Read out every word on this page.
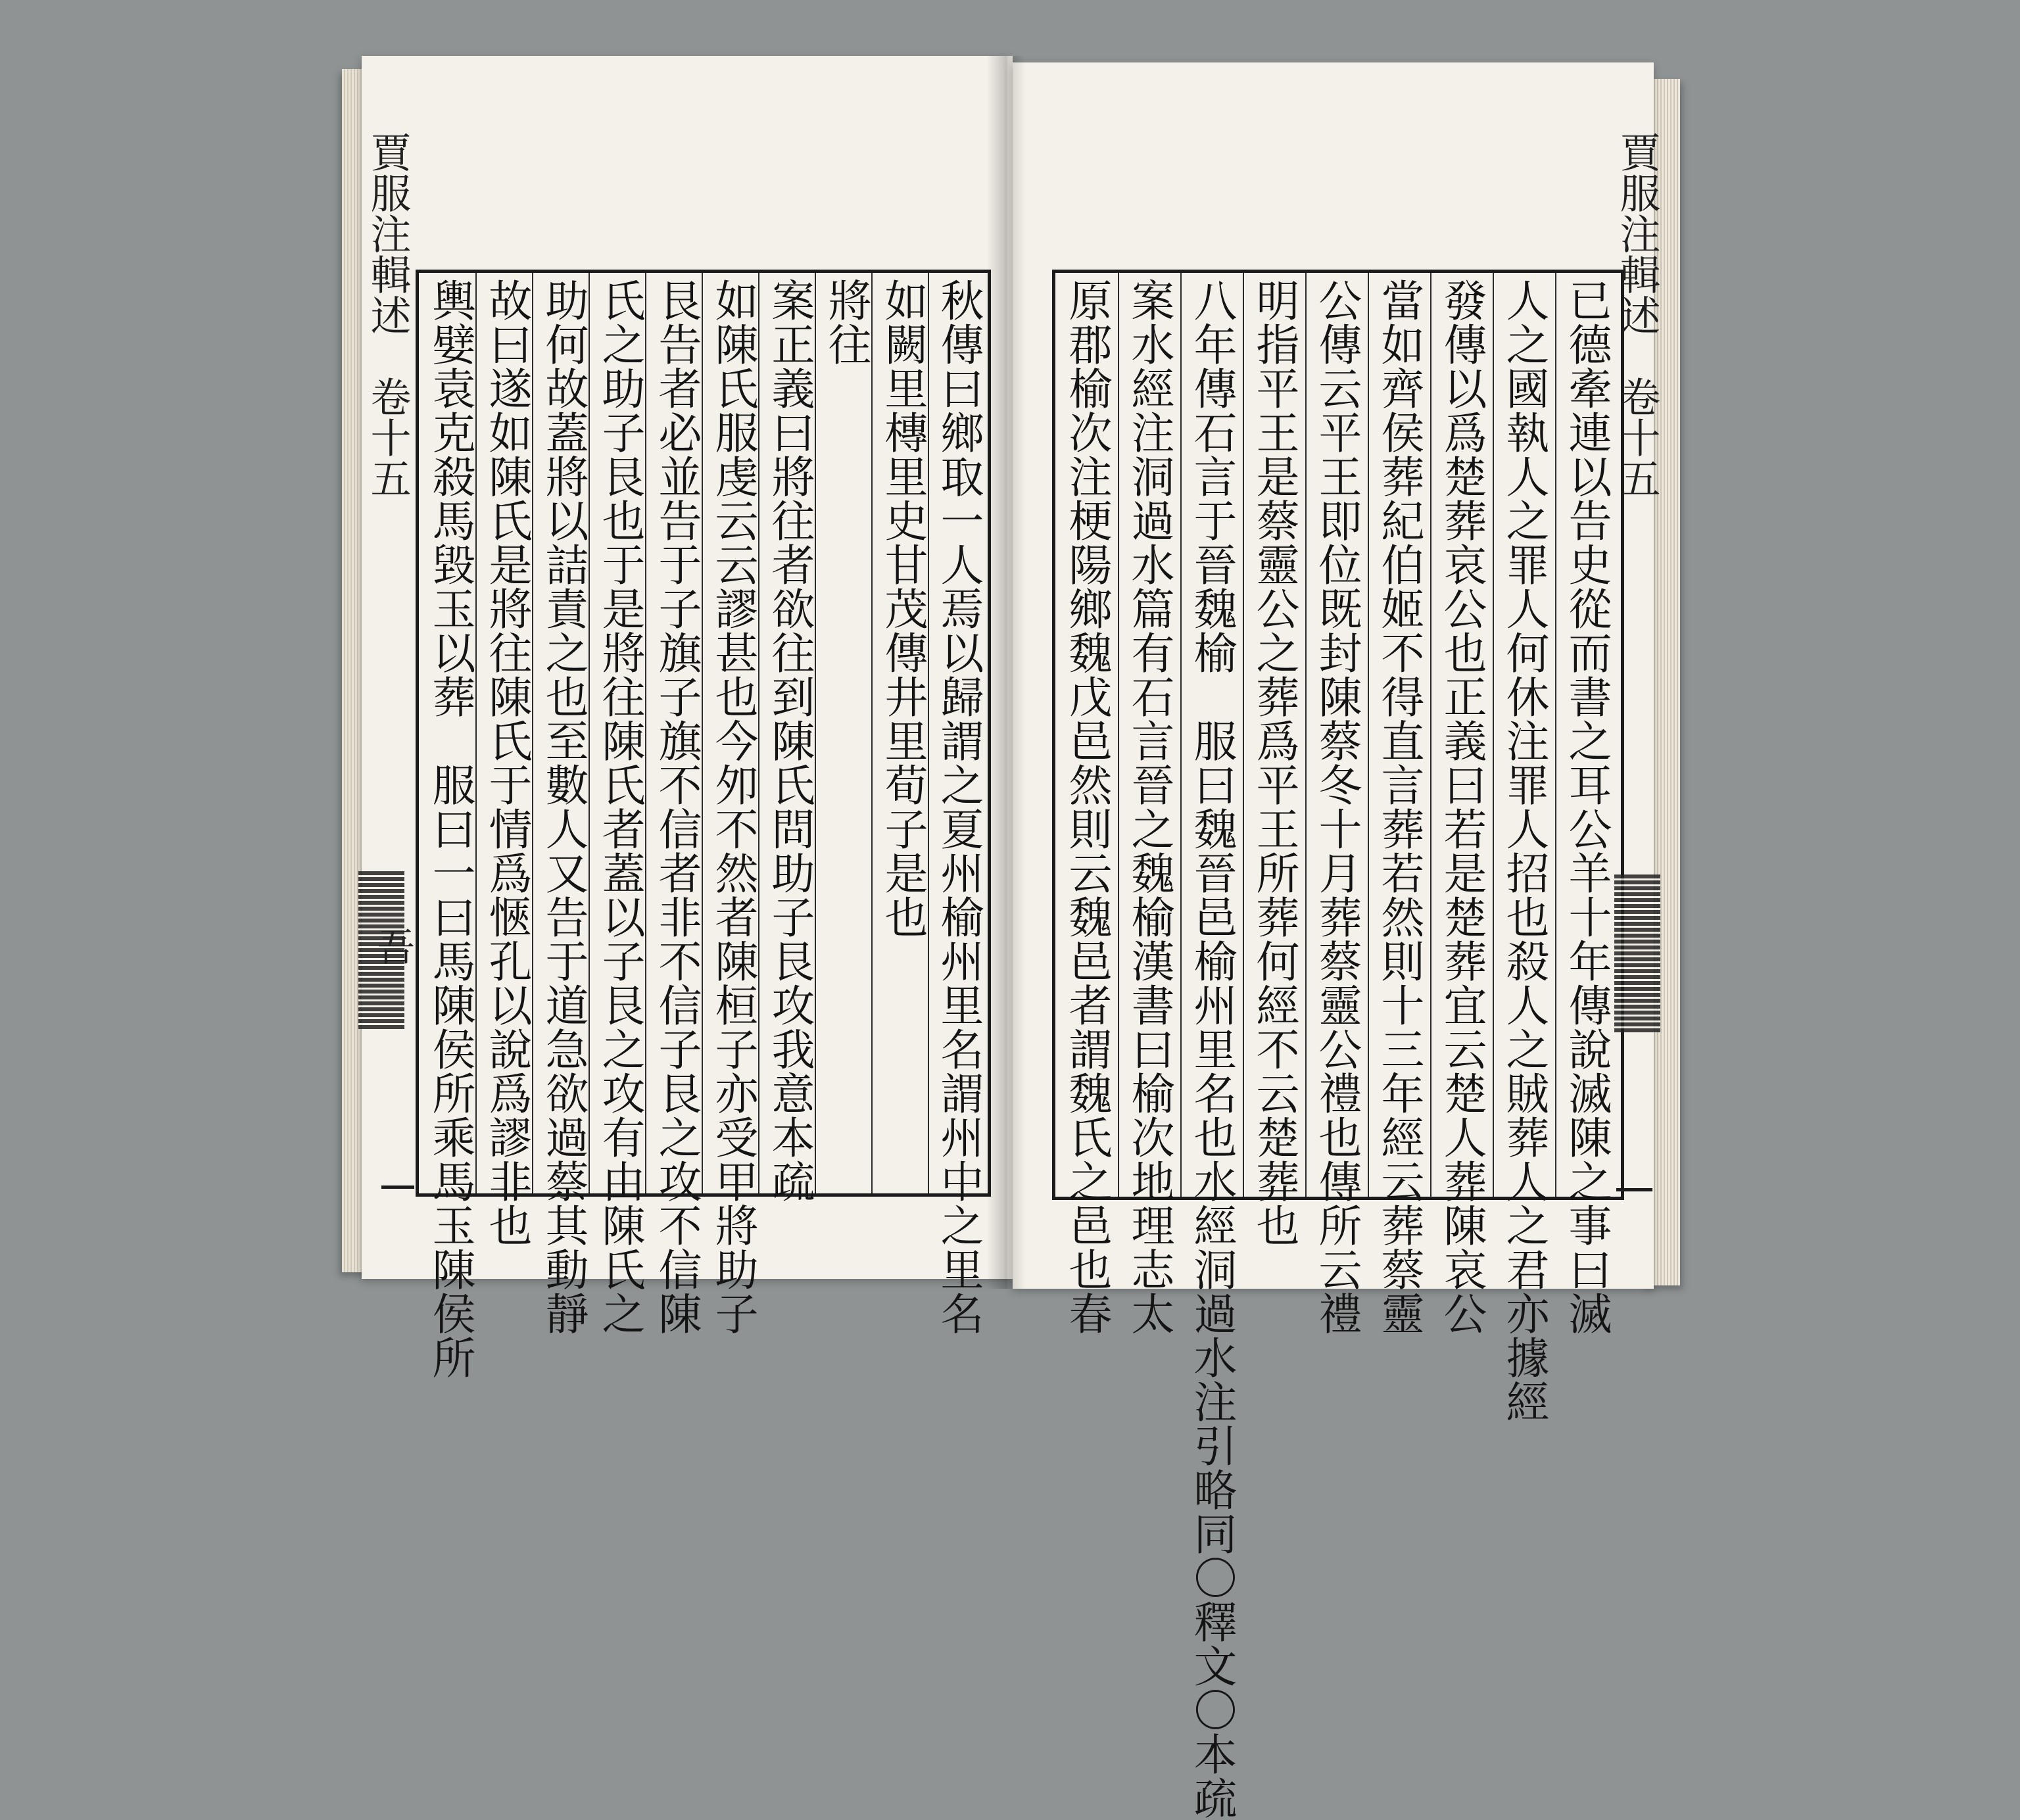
賈服注輯述　卷十五
吾	秋傳曰鄉取一人焉以歸謂之夏州榆州里名謂州中之里名
如闕里槫里史甘茂傳井里荀子是也
將往
案正義曰將往者欲往到陳氏問助子艮攻我意本疏
如陳氏服虔云云謬甚也今夘不然者陳桓子亦受甲將助子
艮告者必並告于子旗子旗不信者非不信子艮之攻不信陳
氏之助子艮也于是將往陳氏者蓋以子艮之攻有由陳氏之
助何故蓋將以詰責之也至數人又告于道急欲過蔡其動靜
故曰遂如陳氏是將往陳氏于情爲愜孔以說爲謬非也
輿嬖袁克殺馬毀玉以葬　服曰一曰馬陳侯所乘馬玉陳侯所	已德牽連以告史從而書之耳公羊十年傳說滅陳之事曰滅
人之國執人之罪人何休注罪人招也殺人之賊葬人之君亦據經
發傳以爲楚葬哀公也正義曰若是楚葬宜云楚人葬陳哀公
當如齊侯葬紀伯姬不得直言葬若然則十三年經云葬蔡靈
公傳云平王即位既封陳蔡冬十月葬蔡靈公禮也傳所云禮
明指平王是蔡靈公之葬爲平王所葬何經不云楚葬也
八年傳石言于晉魏榆　服曰魏晉邑榆州里名也水經洞過水注引略同〇釋文〇本疏
案水經注洞過水篇有石言晉之魏榆漢書曰榆次地理志太
原郡榆次注梗陽鄉魏戊邑然則云魏邑者謂魏氏之邑也春	賈服注輯述　卷十五
